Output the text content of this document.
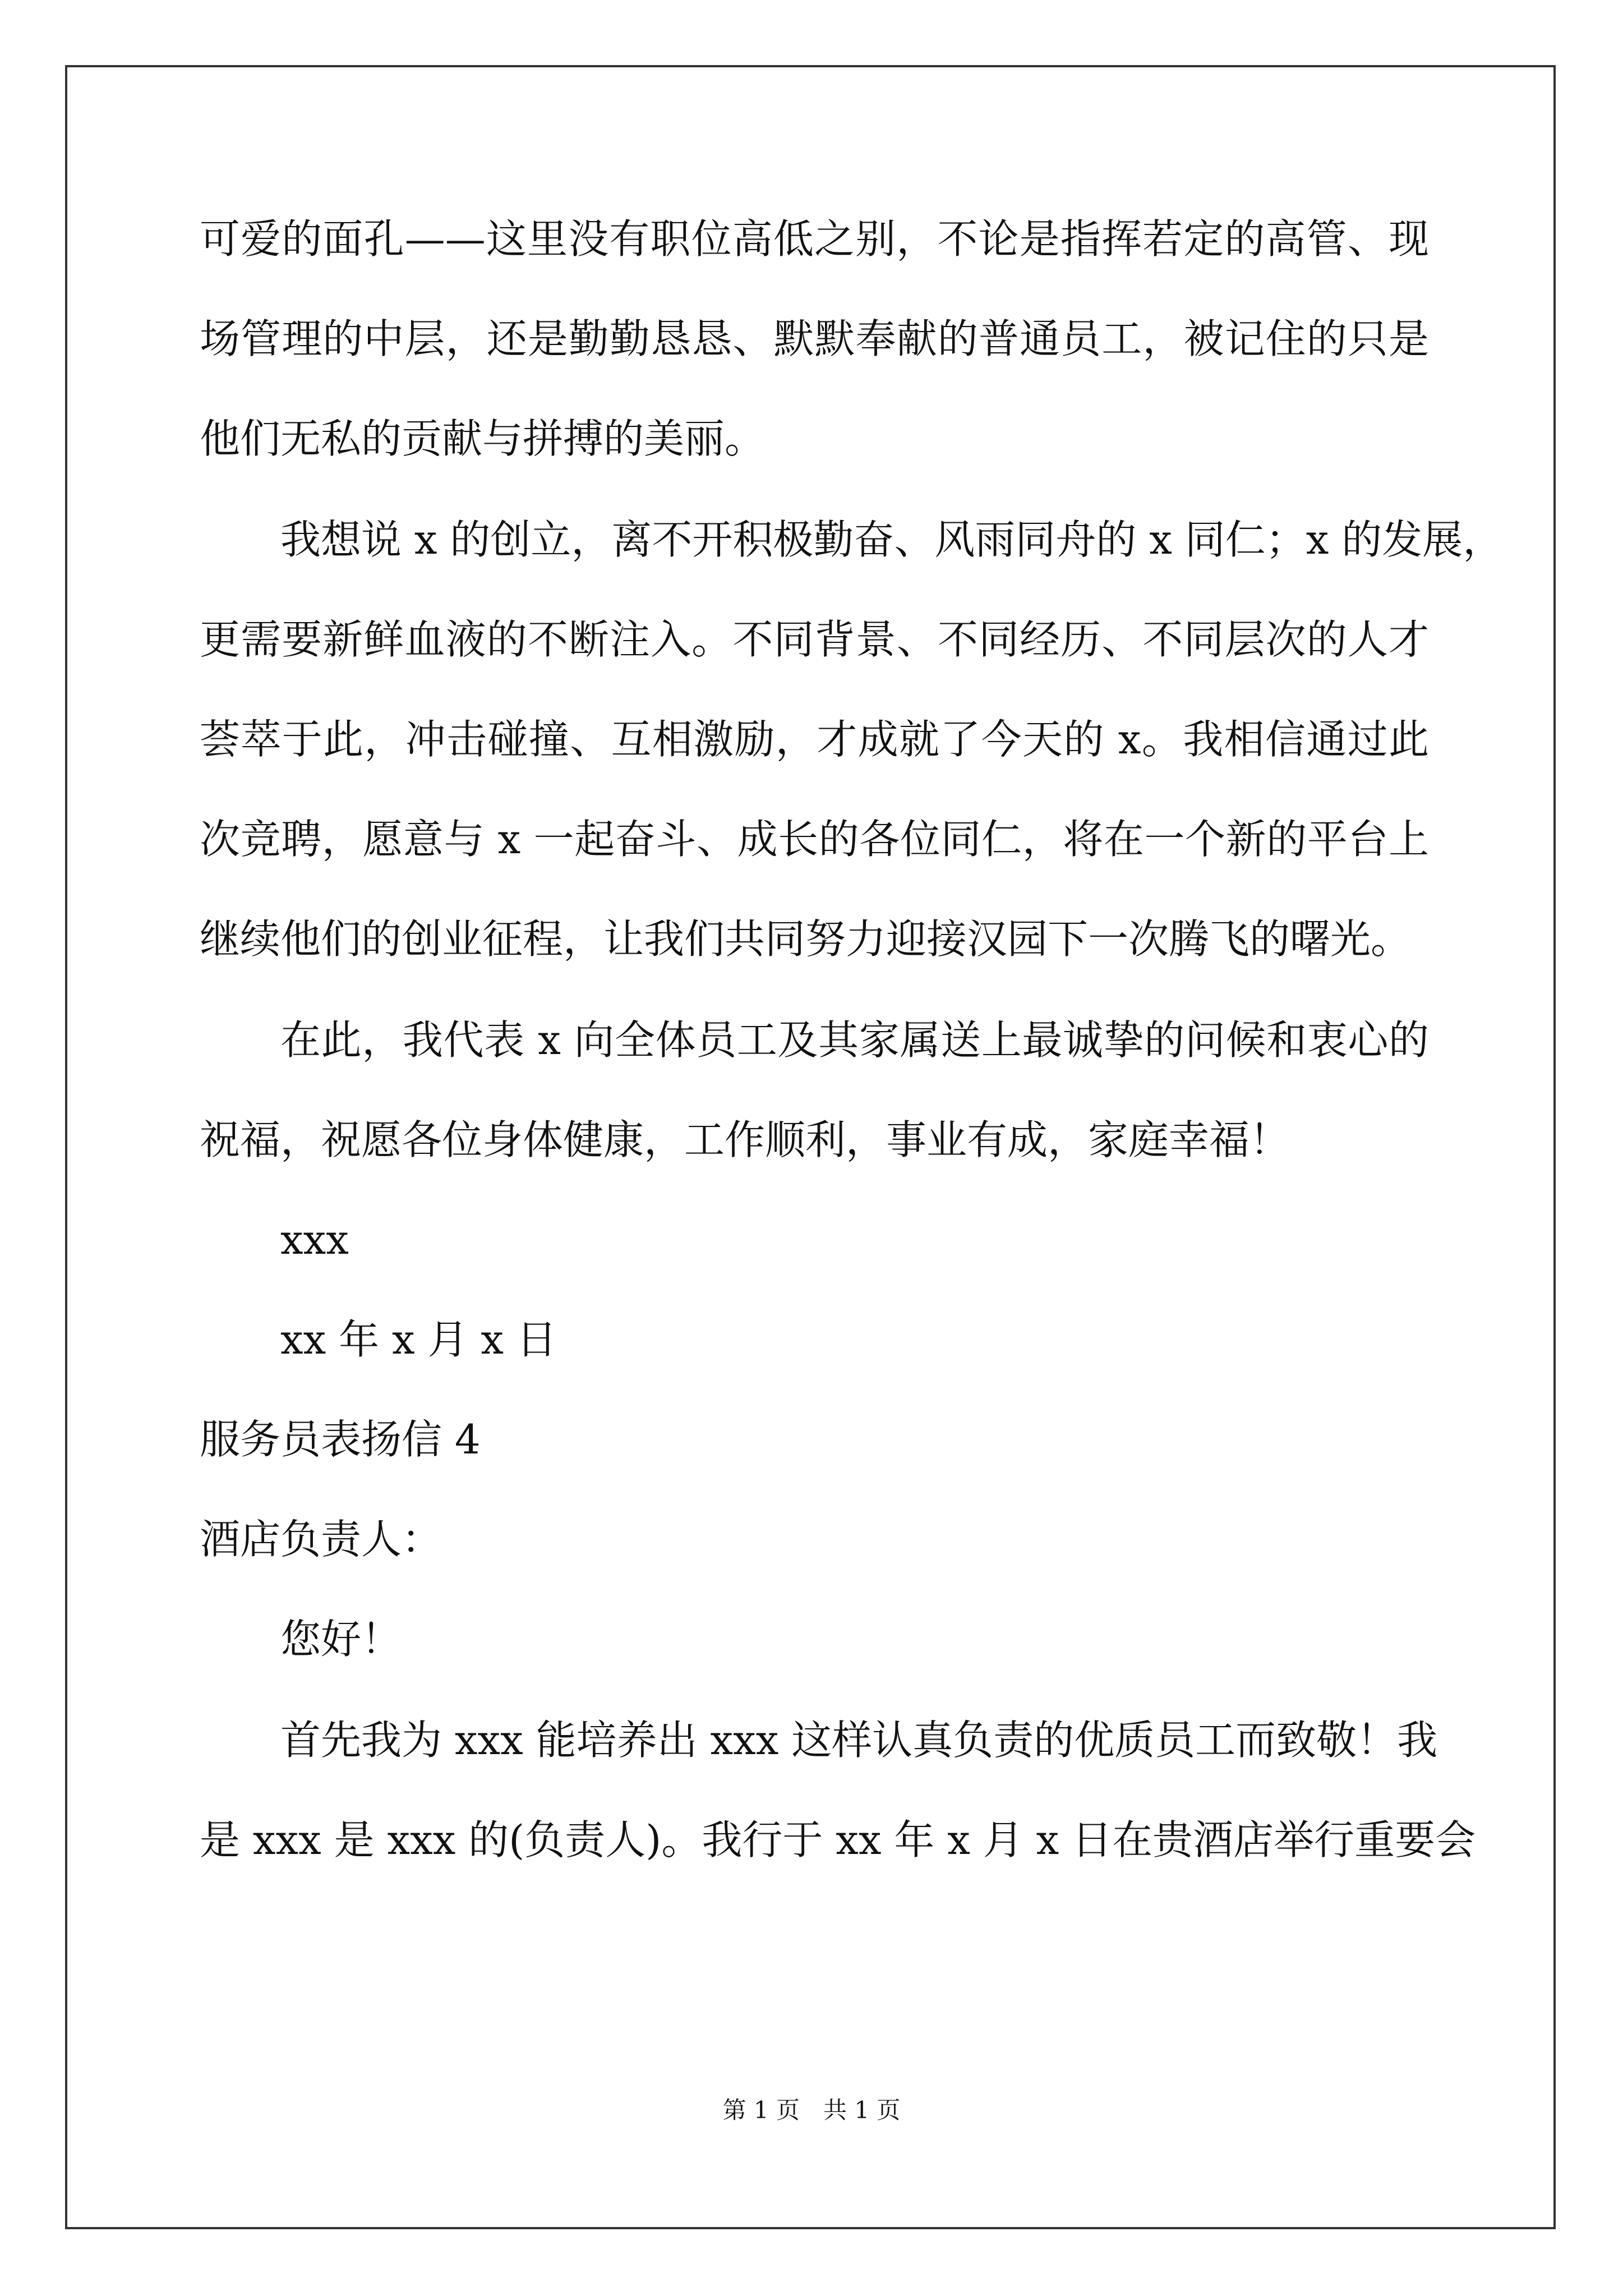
可爱的面孔——这里没有职位高低之别，不论是指挥若定的高管、现
场管理的中层，还是勤勤恳恳、默默奉献的普通员工，被记住的只是
他们无私的贡献与拼搏的美丽。
我想说 x 的创立，离不开积极勤奋、风雨同舟的 x 同仁；x 的发展，
更需要新鲜血液的不断注入。不同背景、不同经历、不同层次的人才
荟萃于此，冲击碰撞、互相激励，才成就了今天的 x。我相信通过此
次竞聘，愿意与 x 一起奋斗、成长的各位同仁，将在一个新的平台上
继续他们的创业征程，让我们共同努力迎接汉园下一次腾飞的曙光。
在此，我代表 x 向全体员工及其家属送上最诚挚的问候和衷心的
祝福，祝愿各位身体健康，工作顺利，事业有成，家庭幸福！
xxx
xx 年 x 月 x 日
服务员表扬信 4
酒店负责人：
您好！
首先我为 xxx 能培养出 xxx 这样认真负责的优质员工而致敬！我
是 xxx 是 xxx 的(负责人)。我行于 xx 年 x 月 x 日在贵酒店举行重要会
第 1 页　共 1 页
